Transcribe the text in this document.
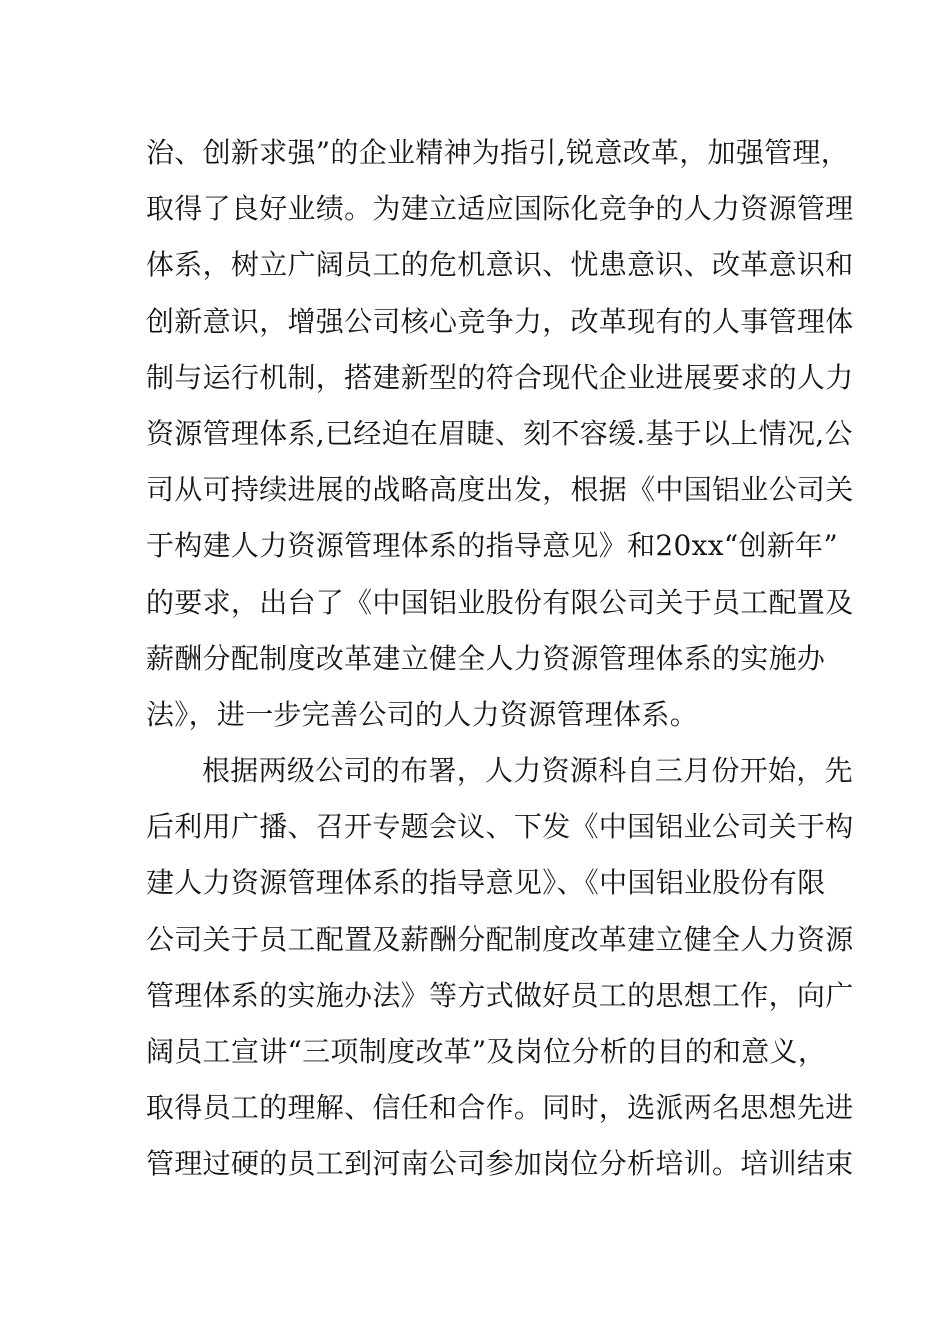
治、创新求强”的企业精神为指引,锐意改革，加强管理，
取得了良好业绩。为建立适应国际化竞争的人力资源管理
体系，树立广阔员工的危机意识、忧患意识、改革意识和
创新意识，增强公司核心竞争力，改革现有的人事管理体
制与运行机制，搭建新型的符合现代企业进展要求的人力
资源管理体系,已经迫在眉睫、刻不容缓.基于以上情况,公
司从可持续进展的战略高度出发，根据《中国铝业公司关
于构建人力资源管理体系的指导意见》和20xx“创新年”
的要求，出台了《中国铝业股份有限公司关于员工配置及
薪酬分配制度改革建立健全人力资源管理体系的实施办
法》，进一步完善公司的人力资源管理体系。
根据两级公司的布署，人力资源科自三月份开始，先
后利用广播、召开专题会议、下发《中国铝业公司关于构
建人力资源管理体系的指导意见》、《中国铝业股份有限
公司关于员工配置及薪酬分配制度改革建立健全人力资源
管理体系的实施办法》等方式做好员工的思想工作，向广
阔员工宣讲“三项制度改革”及岗位分析的目的和意义，
取得员工的理解、信任和合作。同时，选派两名思想先进
管理过硬的员工到河南公司参加岗位分析培训。培训结束
